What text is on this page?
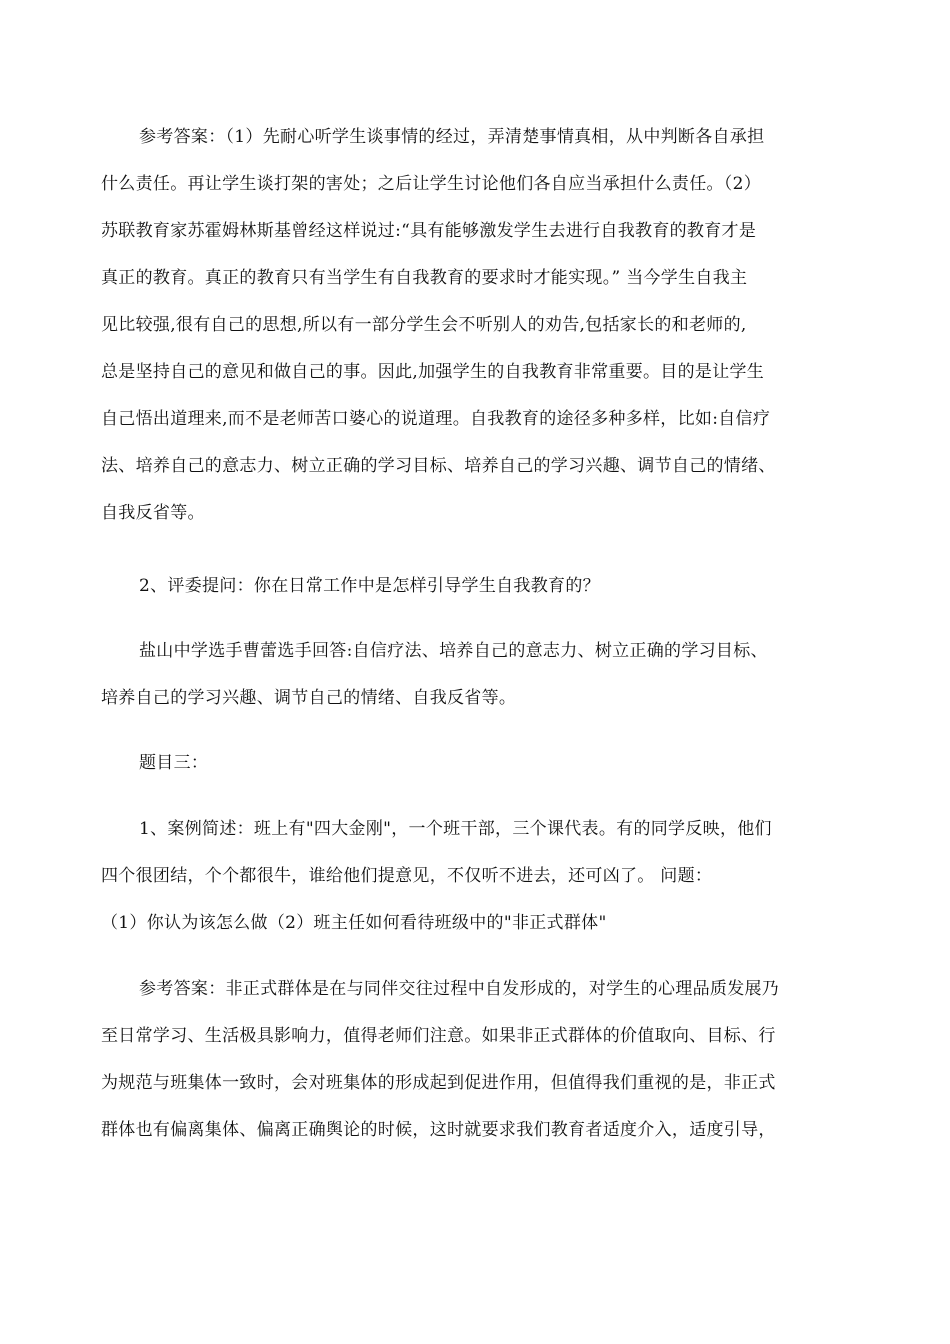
参考答案：（1）先耐心听学生谈事情的经过，弄清楚事情真相，从中判断各自承担
什么责任。再让学生谈打架的害处；之后让学生讨论他们各自应当承担什么责任。（2）
苏联教育家苏霍姆林斯基曾经这样说过:“具有能够激发学生去进行自我教育的教育才是
真正的教育。真正的教育只有当学生有自我教育的要求时才能实现。” 当今学生自我主
见比较强,很有自己的思想,所以有一部分学生会不听别人的劝告,包括家长的和老师的,
总是坚持自己的意见和做自己的事。因此,加强学生的自我教育非常重要。目的是让学生
自己悟出道理来,而不是老师苦口婆心的说道理。自我教育的途径多种多样，比如:自信疗
法、培养自己的意志力、树立正确的学习目标、培养自己的学习兴趣、调节自己的情绪、
自我反省等。

2、评委提问：你在日常工作中是怎样引导学生自我教育的？

盐山中学选手曹蕾选手回答:自信疗法、培养自己的意志力、树立正确的学习目标、
培养自己的学习兴趣、调节自己的情绪、自我反省等。

题目三：

1、案例简述：班上有"四大金刚"，一个班干部，三个课代表。有的同学反映，他们
四个很团结，个个都很牛，谁给他们提意见，不仅听不进去，还可凶了。 问题：
（1）你认为该怎么做（2）班主任如何看待班级中的"非正式群体"

参考答案：非正式群体是在与同伴交往过程中自发形成的，对学生的心理品质发展乃
至日常学习、生活极具影响力，值得老师们注意。如果非正式群体的价值取向、目标、行
为规范与班集体一致时，会对班集体的形成起到促进作用，但值得我们重视的是，非正式
群体也有偏离集体、偏离正确舆论的时候，这时就要求我们教育者适度介入，适度引导，
